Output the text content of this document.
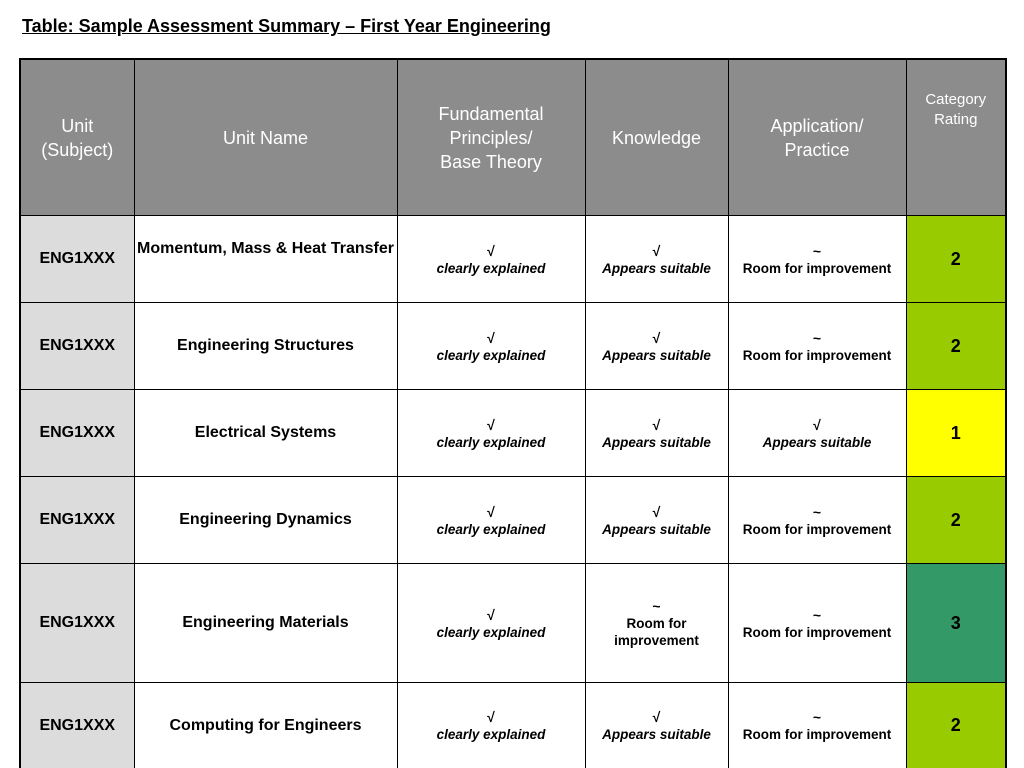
Table: Sample Assessment Summary – First Year Engineering
Unit
(Subject)	Unit Name	Fundamental
Principles/
Base Theory	Knowledge	Application/
Practice	Category
Rating

ENG1XXX	Momentum, Mass & Heat Transfer	√
clearly explained	√
Appears suitable	~
Room for improvement	2
ENG1XXX	Engineering Structures	√
clearly explained	√
Appears suitable	~
Room for improvement	2
ENG1XXX	Electrical Systems	√
clearly explained	√
Appears suitable	√
Appears suitable	1
ENG1XXX	Engineering Dynamics	√
clearly explained	√
Appears suitable	~
Room for improvement	2
ENG1XXX	Engineering Materials	√
clearly explained	~
Room for
improvement	~
Room for improvement	3
ENG1XXX	Computing for Engineers	√
clearly explained	√
Appears suitable	~
Room for improvement	2
